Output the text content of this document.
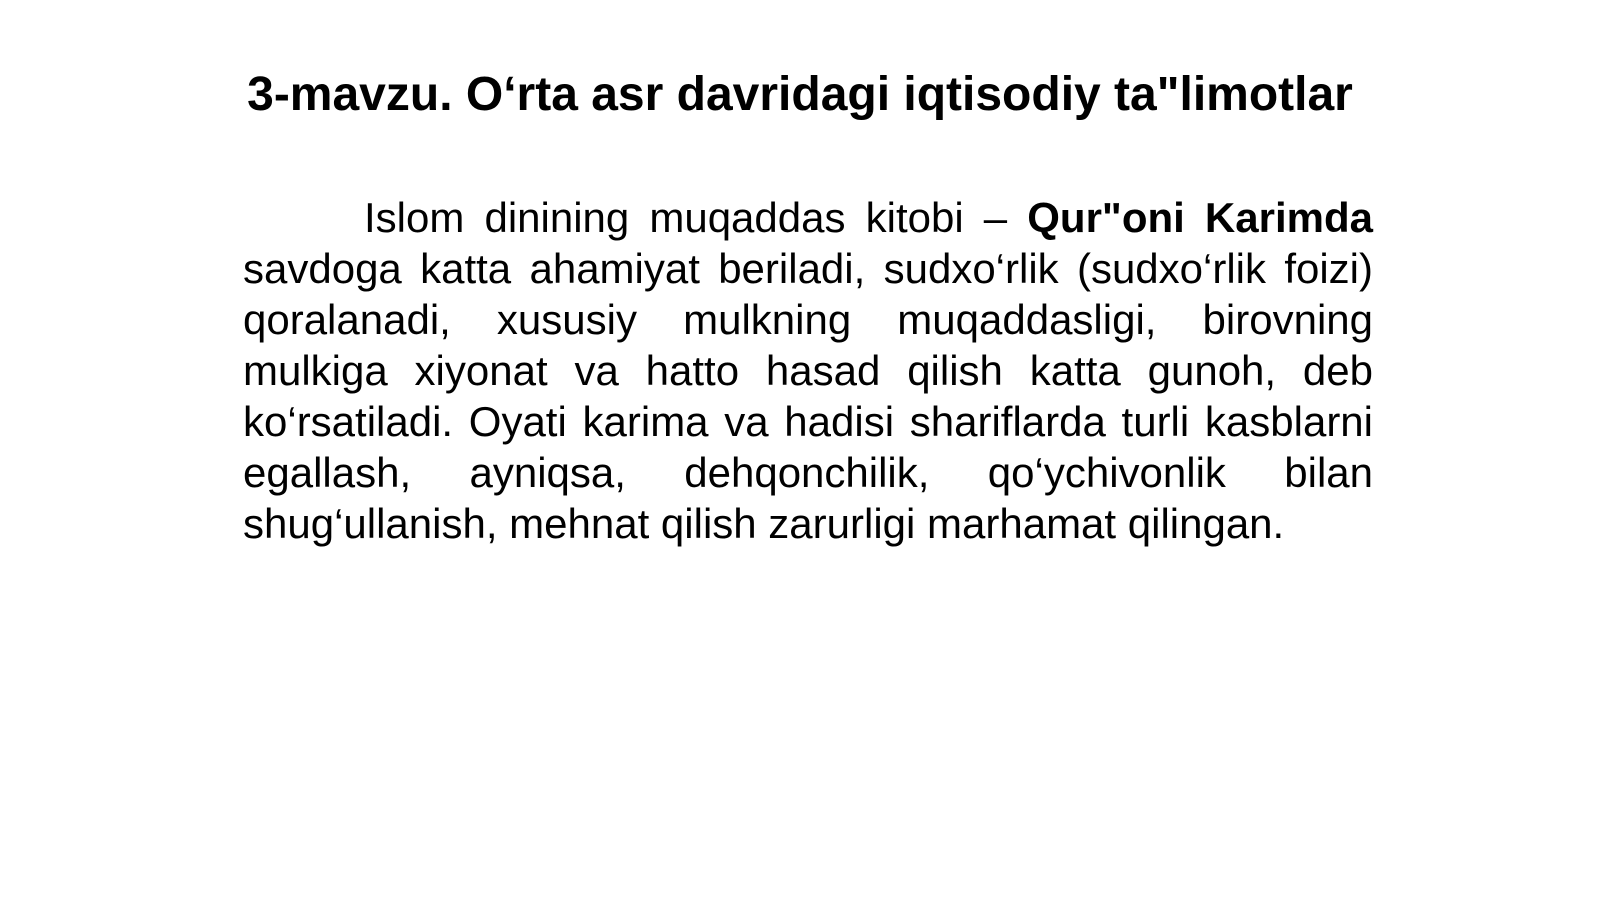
3-mavzu. O‘rta asr davridagi iqtisodiy ta"limotlar

Islom dinining muqaddas kitobi – Qur"oni Karimda savdoga katta ahamiyat beriladi, sudxo‘rlik (sudxo‘rlik foizi) qoralanadi, xususiy mulkning muqaddasligi, birovning mulkiga xiyonat va hatto hasad qilish katta gunoh, deb ko‘rsatiladi. Oyati karima va hadisi shariflarda turli kasblarni egallash, ayniqsa, dehqonchilik, qo‘ychivonlik bilan shug‘ullanish, mehnat qilish zarurligi marhamat qilingan.
